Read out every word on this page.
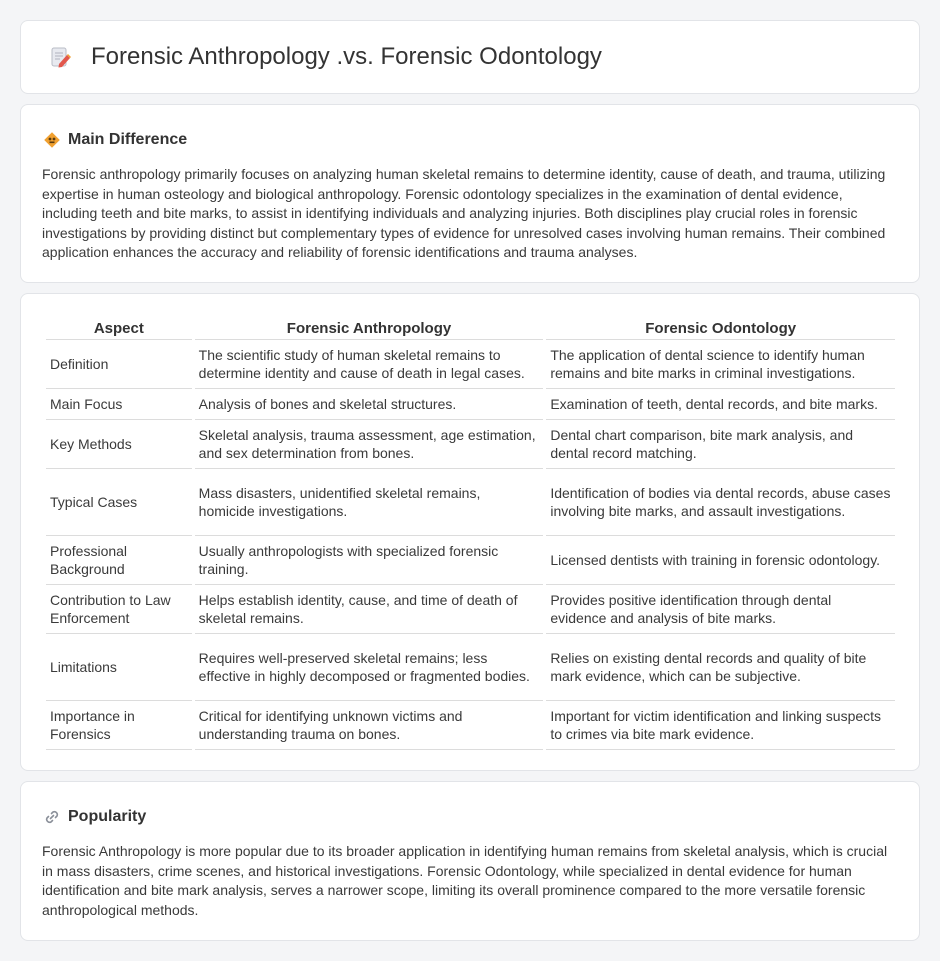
Forensic Anthropology .vs. Forensic Odontology
Main Difference

Forensic anthropology primarily focuses on analyzing human skeletal remains to determine identity, cause of death, and trauma, utilizing expertise in human osteology and biological anthropology. Forensic odontology specializes in the examination of dental evidence, including teeth and bite marks, to assist in identifying individuals and analyzing injuries. Both disciplines play crucial roles in forensic investigations by providing distinct but complementary types of evidence for unresolved cases involving human remains. Their combined application enhances the accuracy and reliability of forensic identifications and trauma analyses.

Aspect	Forensic Anthropology	Forensic Odontology
Definition	The scientific study of human skeletal remains to determine identity and cause of death in legal cases.	The application of dental science to identify human remains and bite marks in criminal investigations.
Main Focus	Analysis of bones and skeletal structures.	Examination of teeth, dental records, and bite marks.
Key Methods	Skeletal analysis, trauma assessment, age estimation, and sex determination from bones.	Dental chart comparison, bite mark analysis, and dental record matching.
Typical Cases	Mass disasters, unidentified skeletal remains, homicide investigations.	Identification of bodies via dental records, abuse cases involving bite marks, and assault investigations.
Professional Background	Usually anthropologists with specialized forensic training.	Licensed dentists with training in forensic odontology.
Contribution to Law Enforcement	Helps establish identity, cause, and time of death of skeletal remains.	Provides positive identification through dental evidence and analysis of bite marks.
Limitations	Requires well-preserved skeletal remains; less effective in highly decomposed or fragmented bodies.	Relies on existing dental records and quality of bite mark evidence, which can be subjective.
Importance in Forensics	Critical for identifying unknown victims and understanding trauma on bones.	Important for victim identification and linking suspects to crimes via bite mark evidence.
Popularity

Forensic Anthropology is more popular due to its broader application in identifying human remains from skeletal analysis, which is crucial in mass disasters, crime scenes, and historical investigations. Forensic Odontology, while specialized in dental evidence for human identification and bite mark analysis, serves a narrower scope, limiting its overall prominence compared to the more versatile forensic anthropological methods.
